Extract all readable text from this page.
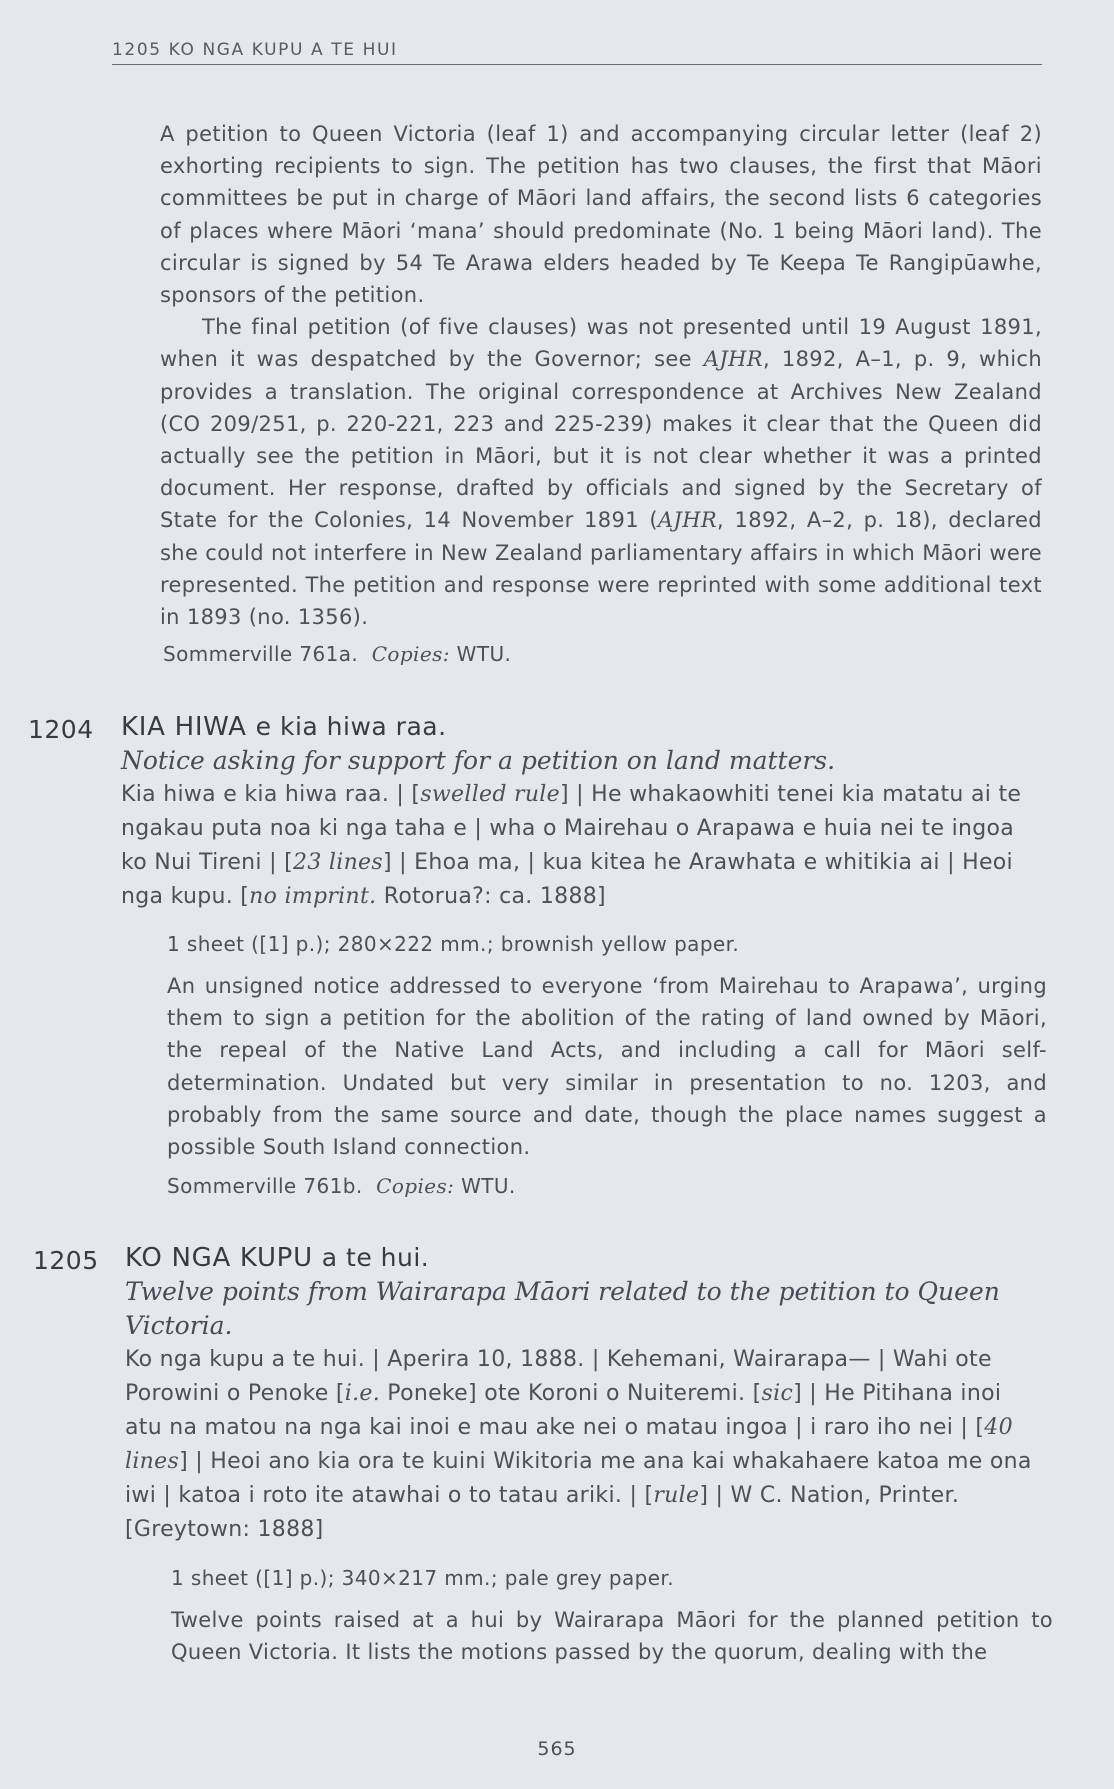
1205 KO NGA KUPU A TE HUI

A petition to Queen Victoria (leaf 1) and accompanying circular letter (leaf 2) exhorting recipients to sign. The petition has two clauses, the first that Māori committees be put in charge of Māori land affairs, the second lists 6 categories of places where Māori ‘mana’ should predominate (No. 1 being Māori land). The circular is signed by 54 Te Arawa elders headed by Te Keepa Te Rangipūawhe, sponsors of the petition.

The final petition (of five clauses) was not presented until 19 August 1891, when it was despatched by the Governor; see AJHR, 1892, A–1, p. 9, which provides a translation. The original correspondence at Archives New Zealand (CO 209/251, p. 220-221, 223 and 225-239) makes it clear that the Queen did actually see the petition in Māori, but it is not clear whether it was a printed document. Her response, drafted by officials and signed by the Secretary of State for the Colonies, 14 November 1891 (AJHR, 1892, A–2, p. 18), declared she could not interfere in New Zealand parliamentary affairs in which Māori were represented. The petition and response were reprinted with some additional text in 1893 (no. 1356).

Sommerville 761a. Copies: WTU.
1204 KIA HIWA e kia hiwa raa.
Notice asking for support for a petition on land matters.
Kia hiwa e kia hiwa raa. | [swelled rule] | He whakaowhiti tenei kia matatu ai te ngakau puta noa ki nga taha e | wha o Mairehau o Arapawa e huia nei te ingoa ko Nui Tireni | [23 lines] | Ehoa ma, | kua kitea he Arawhata e whitikia ai | Heoi nga kupu. [no imprint. Rotorua?: ca. 1888]
1 sheet ([1] p.); 280×222 mm.; brownish yellow paper.
An unsigned notice addressed to everyone ‘from Mairehau to Arapawa’, urging them to sign a petition for the abolition of the rating of land owned by Māori, the repeal of the Native Land Acts, and including a call for Māori self-determination. Undated but very similar in presentation to no. 1203, and probably from the same source and date, though the place names suggest a possible South Island connection.
Sommerville 761b. Copies: WTU.
1205 KO NGA KUPU a te hui.
Twelve points from Wairarapa Māori related to the petition to Queen Victoria.
Ko nga kupu a te hui. | Aperira 10, 1888. | Kehemani, Wairarapa— | Wahi ote Porowini o Penoke [i.e. Poneke] ote Koroni o Nuiteremi. [sic] | He Pitihana inoi atu na matou na nga kai inoi e mau ake nei o matau ingoa | i raro iho nei | [40 lines] | Heoi ano kia ora te kuini Wikitoria me ana kai whakahaere katoa me ona iwi | katoa i roto ite atawhai o to tatau ariki. | [rule] | W C. Nation, Printer. [Greytown: 1888]
1 sheet ([1] p.); 340×217 mm.; pale grey paper.
Twelve points raised at a hui by Wairarapa Māori for the planned petition to Queen Victoria. It lists the motions passed by the quorum, dealing with the
565
